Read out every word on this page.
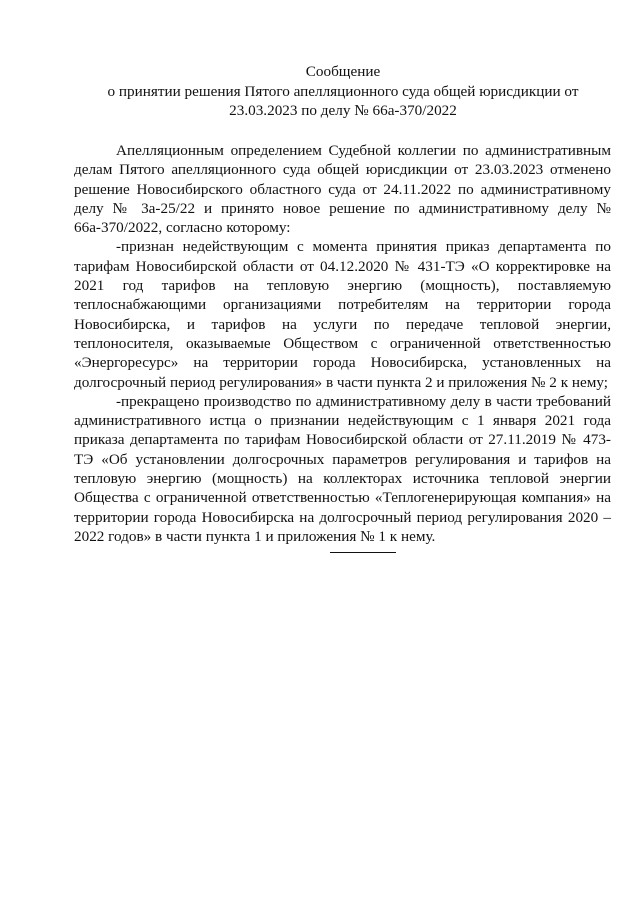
Сообщение
о принятии решения Пятого апелляционного суда общей юрисдикции от
23.03.2023 по делу № 66а-370/2022

Апелляционным определением Судебной коллегии по административным делам Пятого апелляционного суда общей юрисдикции от 23.03.2023 отменено решение Новосибирского областного суда от 24.11.2022 по административному делу № 3а-25/22 и принято новое решение по административному делу № 66а-370/2022, согласно которому:

-признан недействующим с момента принятия приказ департамента по тарифам Новосибирской области от 04.12.2020 № 431-ТЭ «О корректировке на 2021 год тарифов на тепловую энергию (мощность), поставляемую теплоснабжающими организациями потребителям на территории города Новосибирска, и тарифов на услуги по передаче тепловой энергии, теплоносителя, оказываемые Обществом с ограниченной ответственностью «Энергоресурс» на территории города Новосибирска, установленных на долгосрочный период регулирования» в части пункта 2 и приложения № 2 к нему;

-прекращено производство по административному делу в части требований административного истца о признании недействующим с 1 января 2021 года приказа департамента по тарифам Новосибирской области от 27.11.2019 № 473-ТЭ «Об установлении долгосрочных параметров регулирования и тарифов на тепловую энергию (мощность) на коллекторах источника тепловой энергии Общества с ограниченной ответственностью «Теплогенерирующая компания» на территории города Новосибирска на долгосрочный период регулирования 2020 – 2022 годов» в части пункта 1 и приложения № 1 к нему.
